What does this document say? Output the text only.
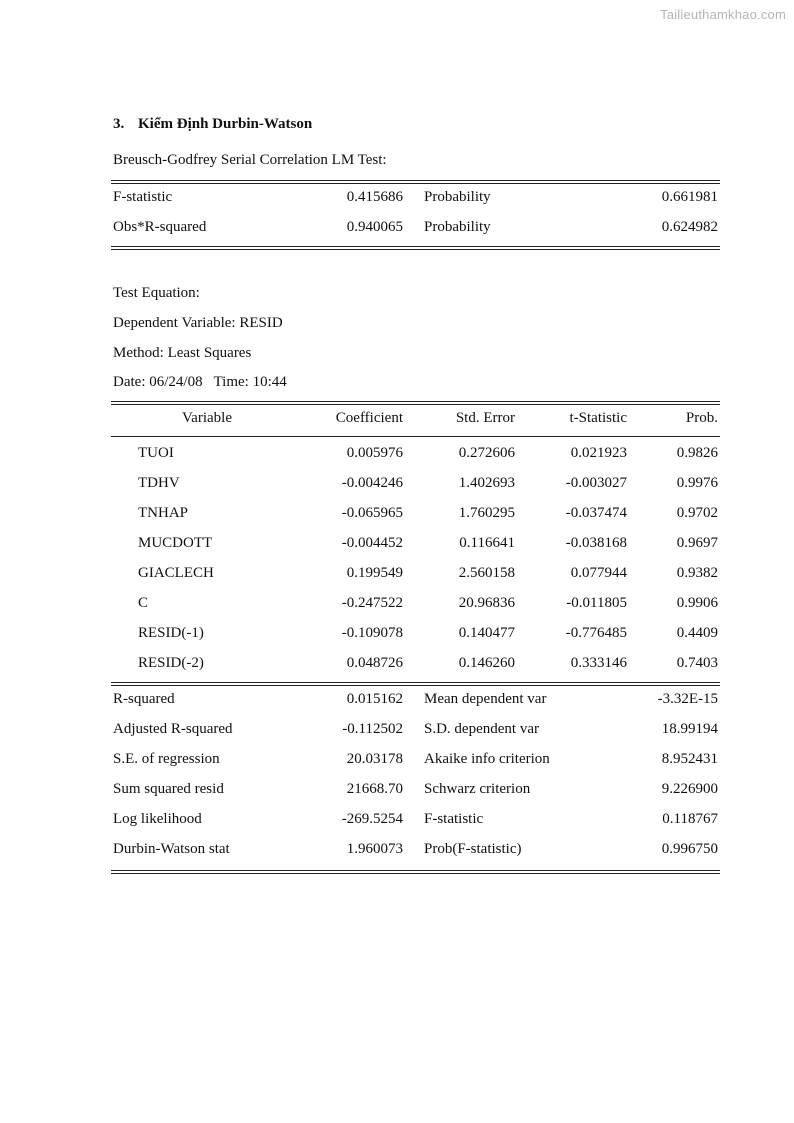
Tailieuthamkhao.com
3. Kiểm Định Durbin-Watson
Breusch-Godfrey Serial Correlation LM Test:
F-statistic	0.415686 Probability	0.661981
Obs*R-squared	0.940065 Probability	0.624982
Test Equation:
Dependent Variable: RESID
Method: Least Squares
Date: 06/24/08   Time: 10:44
Variable	Coefficient	Std. Error	t-Statistic	Prob.
TUOI	0.005976	0.272606	0.021923	0.9826
TDHV	-0.004246	1.402693	-0.003027	0.9976
TNHAP	-0.065965	1.760295	-0.037474	0.9702
MUCDOTT	-0.004452	0.116641	-0.038168	0.9697
GIACLECH	0.199549	2.560158	0.077944	0.9382
C	-0.247522	20.96836	-0.011805	0.9906
RESID(-1)	-0.109078	0.140477	-0.776485	0.4409
RESID(-2)	0.048726	0.146260	0.333146	0.7403
R-squared	0.015162 Mean dependent var	-3.32E-15
Adjusted R-squared	-0.112502 S.D. dependent var	18.99194
S.E. of regression	20.03178 Akaike info criterion	8.952431
Sum squared resid	21668.70 Schwarz criterion	9.226900
Log likelihood	-269.5254 F-statistic	0.118767
Durbin-Watson stat	1.960073 Prob(F-statistic)	0.996750
